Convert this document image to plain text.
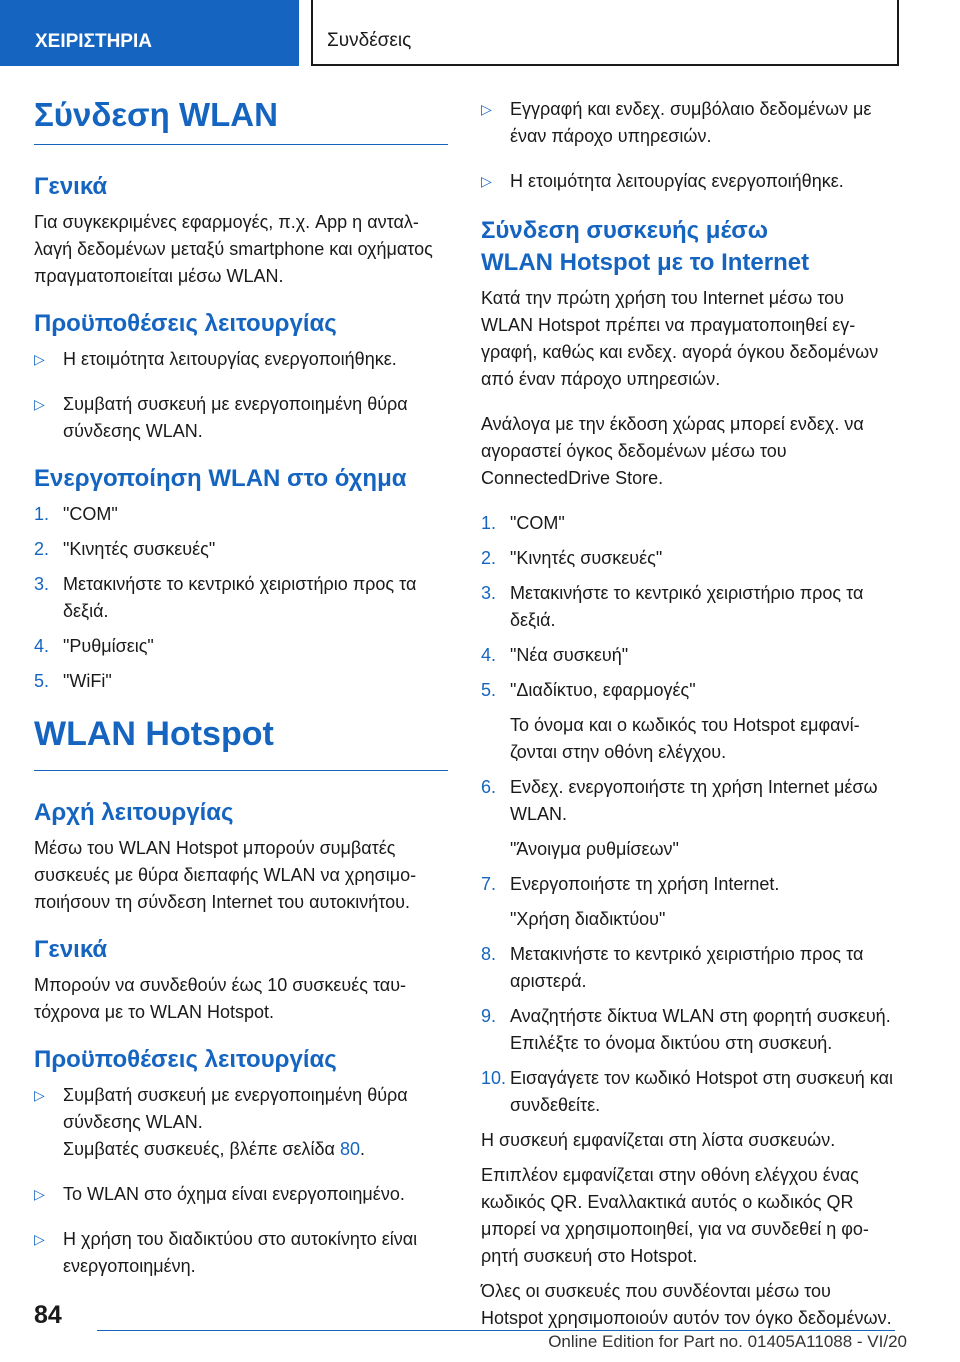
ΧΕΙΡΙΣΤΗΡΙΑ	Συνδέσεις
Σύνδεση WLAN
Γενικά

Για συγκεκριμένες εφαρμογές, π.χ. App η ανταλλαγή δεδομένων μεταξύ smartphone και οχήματος πραγματοποιείται μέσω WLAN.

Προϋποθέσεις λειτουργίας
▷ Η ετοιμότητα λειτουργίας ενεργοποιήθηκε.
▷ Συμβατή συσκευή με ενεργοποιημένη θύρα σύνδεσης WLAN.
Ενεργοποίηση WLAN στο όχημα
1. "COM"
2. "Κινητές συσκευές"
3. Μετακινήστε το κεντρικό χειριστήριο προς τα δεξιά.
4. "Ρυθμίσεις"
5. "WiFi"
WLAN Hotspot
Αρχή λειτουργίας

Μέσω του WLAN Hotspot μπορούν συμβατές συσκευές με θύρα διεπαφής WLAN να χρησιμοποιήσουν τη σύνδεση Internet του αυτοκινήτου.

Γενικά

Μπορούν να συνδεθούν έως 10 συσκευές ταυτόχρονα με το WLAN Hotspot.

Προϋποθέσεις λειτουργίας
▷ Συμβατή συσκευή με ενεργοποιημένη θύρα σύνδεσης WLAN.

Συμβατές συσκευές, βλέπε σελίδα 80.

▷ Το WLAN στο όχημα είναι ενεργοποιημένο.
▷ Η χρήση του διαδικτύου στο αυτοκίνητο είναι ενεργοποιημένη.
▷ Εγγραφή και ενδεχ. συμβόλαιο δεδομένων με έναν πάροχο υπηρεσιών.
▷ Η ετοιμότητα λειτουργίας ενεργοποιήθηκε.
Σύνδεση συσκευής μέσω
WLAN Hotspot με το Internet

Κατά την πρώτη χρήση του Internet μέσω του WLAN Hotspot πρέπει να πραγματοποιηθεί εγγραφή, καθώς και ενδεχ. αγορά όγκου δεδομένων από έναν πάροχο υπηρεσιών.

Ανάλογα με την έκδοση χώρας μπορεί ενδεχ. να αγοραστεί όγκος δεδομένων μέσω του ConnectedDrive Store.

1. "COM"
2. "Κινητές συσκευές"
3. Μετακινήστε το κεντρικό χειριστήριο προς τα δεξιά.
4. "Νέα συσκευή"
5. "Διαδίκτυο, εφαρμογές"

Το όνομα και ο κωδικός του Hotspot εμφανίζονται στην οθόνη ελέγχου.

6. Ενδεχ. ενεργοποιήστε τη χρήση Internet μέσω WLAN.

"Άνοιγμα ρυθμίσεων"

7. Ενεργοποιήστε τη χρήση Internet.

"Χρήση διαδικτύου"

8. Μετακινήστε το κεντρικό χειριστήριο προς τα αριστερά.
9. Αναζητήστε δίκτυα WLAN στη φορητή συσκευή. Επιλέξτε το όνομα δικτύου στη συσκευή.
10. Εισαγάγετε τον κωδικό Hotspot στη συσκευή και συνδεθείτε.

Η συσκευή εμφανίζεται στη λίστα συσκευών.

Επιπλέον εμφανίζεται στην οθόνη ελέγχου ένας κωδικός QR. Εναλλακτικά αυτός ο κωδικός QR μπορεί να χρησιμοποιηθεί, για να συνδεθεί η φορητή συσκευή στο Hotspot.

Όλες οι συσκευές που συνδέονται μέσω του Hotspot χρησιμοποιούν αυτόν τον όγκο δεδομένων.

84
Online Edition for Part no. 01405A11088 - VI/20
